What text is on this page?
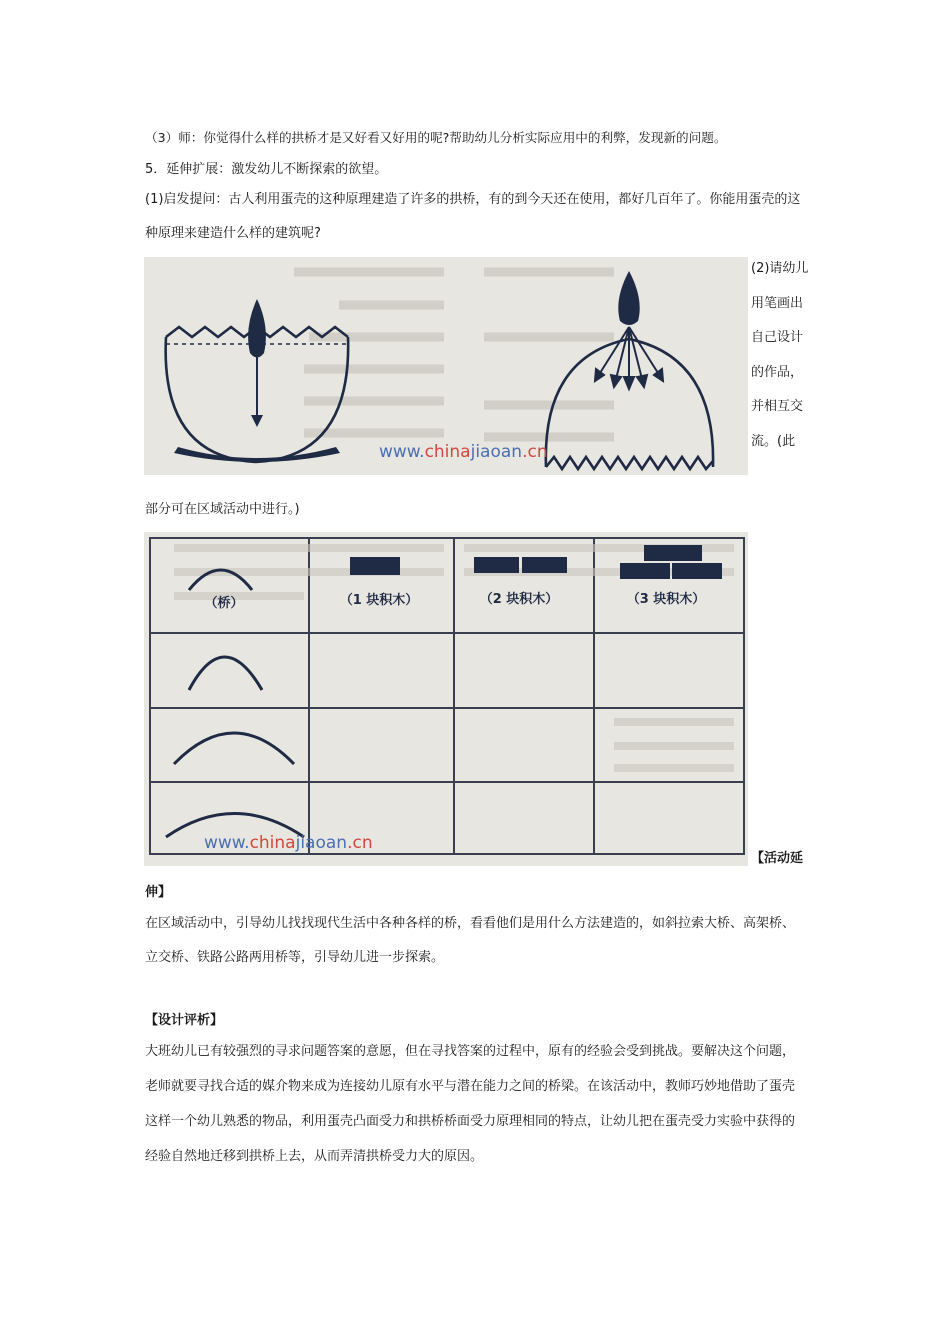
（3）师：你觉得什么样的拱桥才是又好看又好用的呢?帮助幼儿分析实际应用中的利弊，发现新的问题。
5．延伸扩展：激发幼儿不断探索的欲望。
(1)启发提问：古人利用蛋壳的这种原理建造了许多的拱桥，有的到今天还在使用，都好几百年了。你能用蛋壳的这种原理来建造什么样的建筑呢?
www.chinajiaoan.cn
(2)请幼儿用笔画出自己设计的作品，并相互交流。(此
部分可在区域活动中进行。)
（桥）	（1 块积木）	（2 块积木）	（3 块积木）
www.chinajiaoan.cn
【活动延
伸】
在区域活动中，引导幼儿找找现代生活中各种各样的桥，看看他们是用什么方法建造的，如斜拉索大桥、高架桥、立交桥、铁路公路两用桥等，引导幼儿进一步探索。
【设计评析】
大班幼儿已有较强烈的寻求问题答案的意愿，但在寻找答案的过程中，原有的经验会受到挑战。要解决这个问题，老师就要寻找合适的媒介物来成为连接幼儿原有水平与潜在能力之间的桥梁。在该活动中，教师巧妙地借助了蛋壳这样一个幼儿熟悉的物品，利用蛋壳凸面受力和拱桥桥面受力原理相同的特点，让幼儿把在蛋壳受力实验中获得的经验自然地迁移到拱桥上去，从而弄清拱桥受力大的原因。
